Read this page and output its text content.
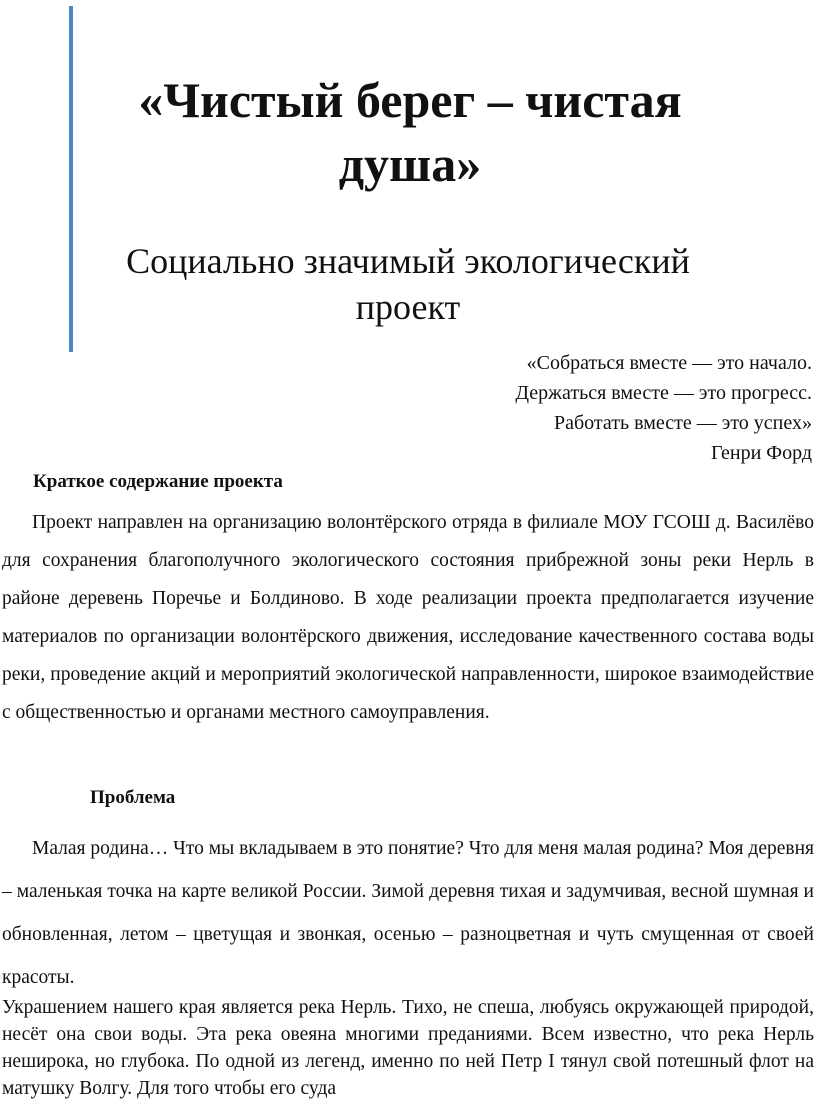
«Чистый берег – чистая душа»
Социально значимый экологический проект
«Собраться вместе — это начало.
Держаться вместе — это прогресс.
Работать вместе — это успех»
Генри Форд
Краткое содержание проекта

Проект направлен на организацию волонтёрского отряда в филиале МОУ ГСОШ д. Василёво для сохранения благополучного экологического состояния прибрежной зоны реки Нерль в районе деревень Поречье и Болдиново. В ходе реализации проекта предполагается изучение материалов по организации волонтёрского движения, исследование качественного состава воды реки, проведение акций и мероприятий экологической направленности, широкое взаимодействие с общественностью и органами местного самоуправления.

Проблема

Малая родина… Что мы вкладываем в это понятие? Что для меня малая родина? Моя деревня – маленькая точка на карте великой России. Зимой деревня тихая и задумчивая, весной шумная и обновленная, летом – цветущая и звонкая, осенью – разноцветная и чуть смущенная от своей красоты.

Украшением нашего края является река Нерль. Тихо, не спеша, любуясь окружающей природой, несёт она свои воды. Эта река овеяна многими преданиями. Всем известно, что река Нерль неширока, но глубока. По одной из легенд, именно по ней Петр I тянул свой потешный флот на матушку Волгу. Для того чтобы его суда
